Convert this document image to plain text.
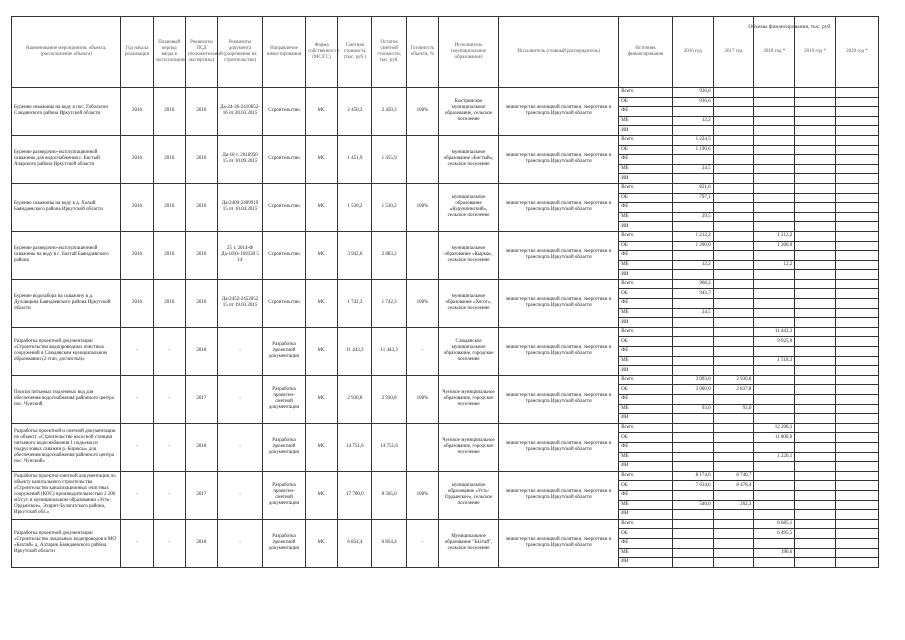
Объемы финансирования, тыс. руб.
Наименование мероприятия, объекта, (расположение объекта)	Год начала реализации	Плановый период ввода в эксплуатацию	Реквизиты ПСД (положительной экспертизы)	Реквизиты документа (разрешения на строительство)	Направление инвестирования	Форма собственности (МС/ГС)	Сметная стоимость (тыс. руб.)	Остаток сметной стоимости, тыс. руб.	Готовность объекта, %	Исполнитель (муниципальное образование)	Исполнитель (главный распорядитель)	Источник финансирования	2016 год	2017 год	2018 год *	2019 год *	2020 год *
Бурение скважины на воду в пос. Гобольтон Слюдянского района Иркутской области	2016	2016	2016	Да-24-36-2410652-16 от 20.03.2015	Строительство	МС	2 450,3	2 450,3	100%	Быстринское муниципальное образование, сельское поселение	министерство жилищной политики, энергетики и транспорта Иркутской области	Всего	936,6				
												ОБ	936,6				
												ФБ					
												МБ	12,2				
												ИИ					
Бурение разведочно-эксплуатационной скважины для водоснабжения с. Бистый Аларского района Иркутской области	2016	2016	2016	Да-18 т. 2616950 15 от 10.09.2015	Строительство	МС	1 451,9	1 455,9		муниципальное образование «Бистый», сельское поселение	министерство жилищной политики, энергетики и транспорта Иркутской области	Всего	1 224,5				
												ОБ	1 190,6				
												ФБ					
												МБ	24,5				
												ИИ					
Бурение скважины на воду в д. Халый Баяндаевского района Иркутской области	2016	2016	2016	Да-2409-2409919 15 от 10.04.2015	Строительство	МС	1 530,2	1 530,2	100%	муниципальное образование «Курумчинский», сельское поселение	министерство жилищной политики, энергетики и транспорта Иркутской области	Всего	821,6				
												ОБ	797,1				
												ФБ					
												МБ	29,5				
												ИИ					
Бурение разведочно-эксплуатационной скважины на воду в с. Бахтай Баяндаевского района	2016	2016	2016	25 т. 2014-Ф Да-1693-169330 5 14	Строительство	МС	3 942,0	2 883,2		муниципальное образование «Кырма», сельское поселение	министерство жилищной политики, энергетики и транспорта Иркутской области	Всего	1 212,2		1 212,2		
												ОБ	1 200,0		1 200,0		
												ФБ					
												МБ	12,2		12,2		
												ИИ					
Бурение водозабора на скважину в д. Духовщина Баяндаевского района Иркутской области	2016	2016	2016	Да-2452-2452052 15 от 19.03.2015	Строительство	МС	1 742,3	1 742,3	100%	муниципальное образование «Хогот», сельское поселение	министерство жилищной политики, энергетики и транспорта Иркутской области	Всего	968,2				
												ОБ	943,7				
												ФБ					
												МБ	24,5				
												ИИ					
Разработка проектной документации «Строительство водопроводных очистных сооружений в Слюдянском муниципальном образовании (2 этап, досчистка)»	-	-	2018	-	Разработка проектной документации	МС	11 443,3	11 443,3	-	Слюдянское муниципальное образование, городское поселение	министерство жилищной политики, энергетики и транспорта Иркутской области	Всего			11 443,3		
												ОБ			9 925,0		
												ФБ					
												МБ			1 518,3		
												ИИ					
Поиски питьевых подземных вод для обеспечения водоснабжения районного центра пос. Чунский	-	-	2017	-	Разработка проектно-сметной документации	МС	2 930,8	2 930,8	100%	Чунское муниципальное образование, городское поселение	министерство жилищной политики, энергетики и транспорта Иркутской области	Всего	3 093,0	2 930,8			
												ОБ	3 000,0	2 837,8			
												ФБ					
												МБ	93,0	93,0			
												ИИ					
Разработка проектной и сметной документации по объекту «Строительство насосной станции питьевого водоснабжения 1 подъема из подрусловых скважин р. Бирюсы» для обеспечения водоснабжения районного центра пос. Чунский»	-	-	2018	-	Разработка проектной документации	МС	14 751,6	14 751,6		Чунское муниципальное образование, городское поселение	министерство жилищной политики, энергетики и транспорта Иркутской области	Всего			12 200,1		
												ОБ			11 000,0		
												ФБ					
												МБ			1 220,1		
												ИИ					
Разработка проектно-сметной документации по объекту капитального строительства «Строительство канализационных очистных сооружений (КОС) производительностью 2 200 м3/сут. в муниципальном образовании «Усть-Ордынское», Эхирит-Булагатского района, Иркутской обл.»	-	-	2017	-	Разработка проектно-сметной документации	МС	17 700,0	8 565,0	100%	муниципальное образование «Усть-Ордынское», сельское поселение	министерство жилищной политики, энергетики и транспорта Иркутской области	Всего	8 174,6	8 740,7			
												ОБ	7 634,6	8 478,4			
												ФБ					
												МБ	540,0	262,3			
												ИИ					
Разработка проектной документации «Строительство локальных водопроводов в МО «Бахтай» д. Алтарик Баяндаевского района Иркутской области	-	-	2018	-	Разработка проектной документации	МС	6 854,4	6 854,4	-	Муниципальное образование "Бахтай", сельское поселение	министерство жилищной политики, энергетики и транспорта Иркутской области	Всего			6 685,1		
												ОБ			6 495,5		
												ФБ					
												МБ			190,6		
												ИИ					
